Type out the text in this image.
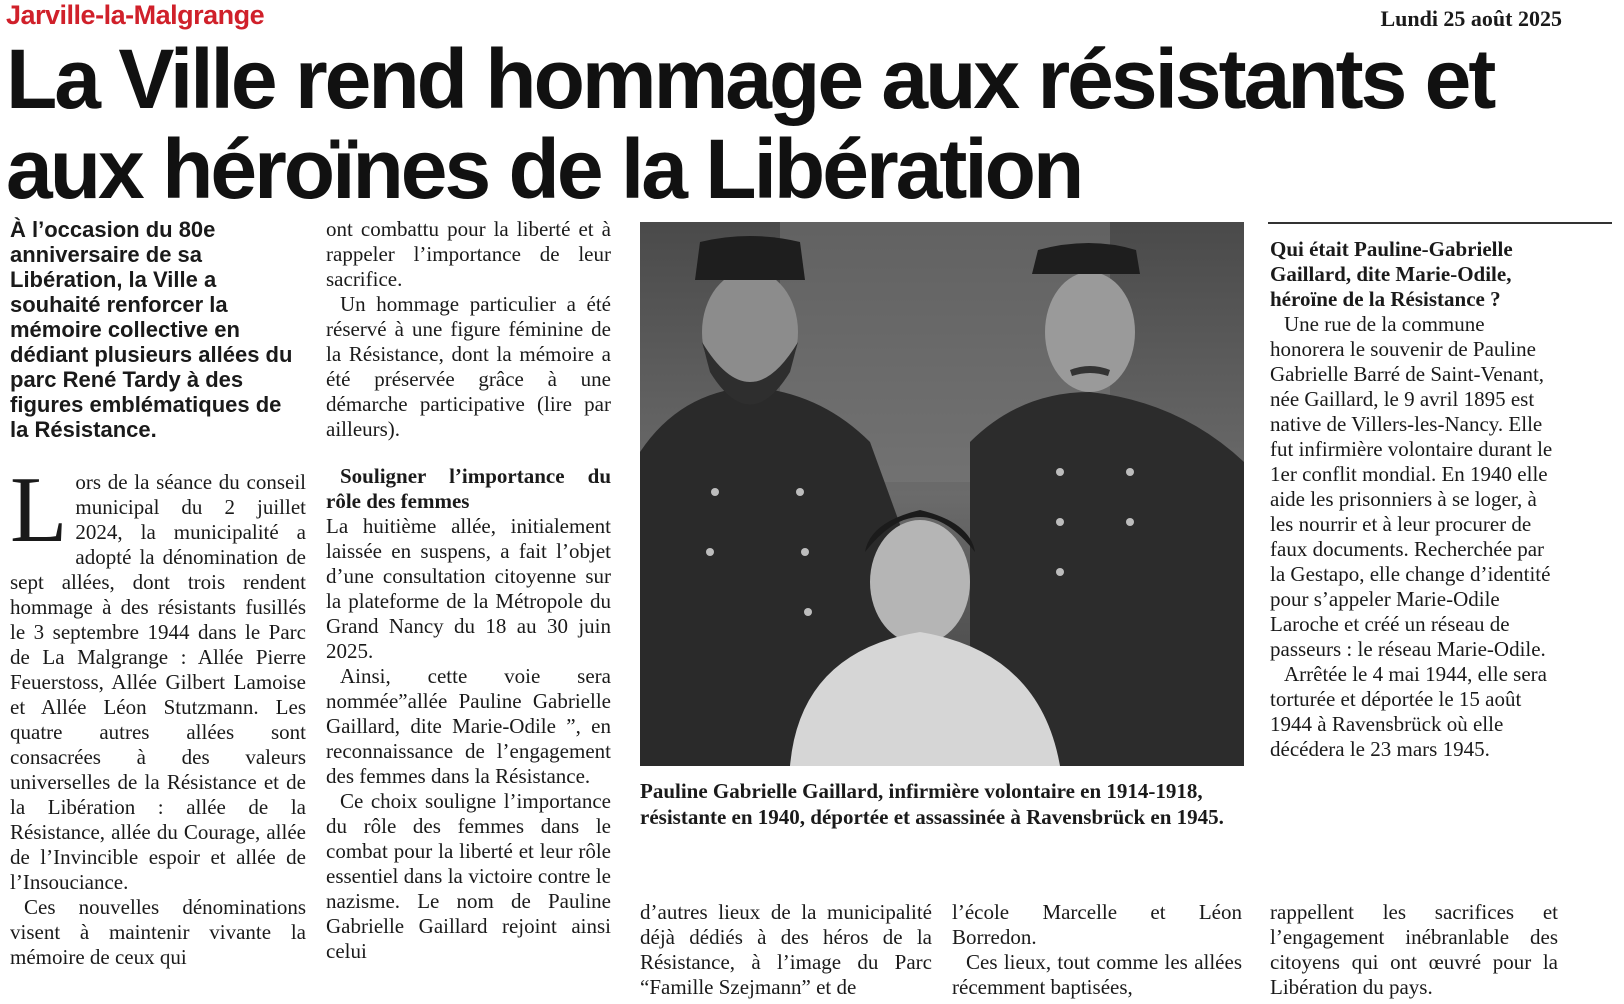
Jarville-la-Malgrange	Lundi 25 août 2025
La Ville rend hommage aux résistants et aux héroïnes de la Libération
À l’occasion du 80e anniversaire de sa Libération, la Ville a souhaité renforcer la mémoire collective en dédiant plusieurs allées du parc René Tardy à des figures emblématiques de la Résistance.

Lors de la séance du conseil municipal du 2 juillet 2024, la municipalité a adopté la dénomination de sept allées, dont trois rendent hommage à des résistants fusillés le 3 septembre 1944 dans le Parc de La Malgrange : Allée Pierre Feuerstoss, Allée Gilbert Lamoise et Allée Léon Stutzmann. Les quatre autres allées sont consacrées à des valeurs universelles de la Résistance et de la Libération : allée de la Résistance, allée du Courage, allée de l’Invincible espoir et allée de l’Insouciance.

Ces nouvelles dénominations visent à maintenir vivante la mémoire de ceux qui

ont combattu pour la liberté et à rappeler l’importance de leur sacrifice.

Un hommage particulier a été réservé à une figure féminine de la Résistance, dont la mémoire a été préservée grâce à une démarche participative (lire par ailleurs).

Souligner l’importance du rôle des femmes

La huitième allée, initialement laissée en suspens, a fait l’objet d’une consultation citoyenne sur la plateforme de la Métropole du Grand Nancy du 18 au 30 juin 2025.

Ainsi, cette voie sera nommée”allée Pauline Gabrielle Gaillard, dite Marie-Odile ”, en reconnaissance de l’engagement des femmes dans la Résistance.

Ce choix souligne l’importance du rôle des femmes dans le combat pour la liberté et leur rôle essentiel dans la victoire contre le nazisme. Le nom de Pauline Gabrielle Gaillard rejoint ainsi celui

Pauline Gabrielle Gaillard, infirmière volontaire en 1914-1918, résistante en 1940, déportée et assassinée à Ravensbrück en 1945.

d’autres lieux de la municipalité déjà dédiés à des héros de la Résistance, à l’image du Parc “Famille Szejmann” et de

l’école Marcelle et Léon Borredon.

Ces lieux, tout comme les allées récemment baptisées,

Qui était Pauline-Gabrielle Gaillard, dite Marie-Odile, héroïne de la Résistance ?

Une rue de la commune honorera le souvenir de Pauline Gabrielle Barré de Saint-Venant, née Gaillard, le 9 avril 1895 est native de Villers-les-Nancy. Elle fut infirmière volontaire durant le 1er conflit mondial. En 1940 elle aide les prisonniers à se loger, à les nourrir et à leur procurer de faux documents. Recherchée par la Gestapo, elle change d’identité pour s’appeler Marie-Odile Laroche et créé un réseau de passeurs : le réseau Marie-Odile.

Arrêtée le 4 mai 1944, elle sera torturée et déportée le 15 août 1944 à Ravensbrück où elle décédera le 23 mars 1945.

rappellent les sacrifices et l’engagement inébranlable des citoyens qui ont œuvré pour la Libération du pays.
